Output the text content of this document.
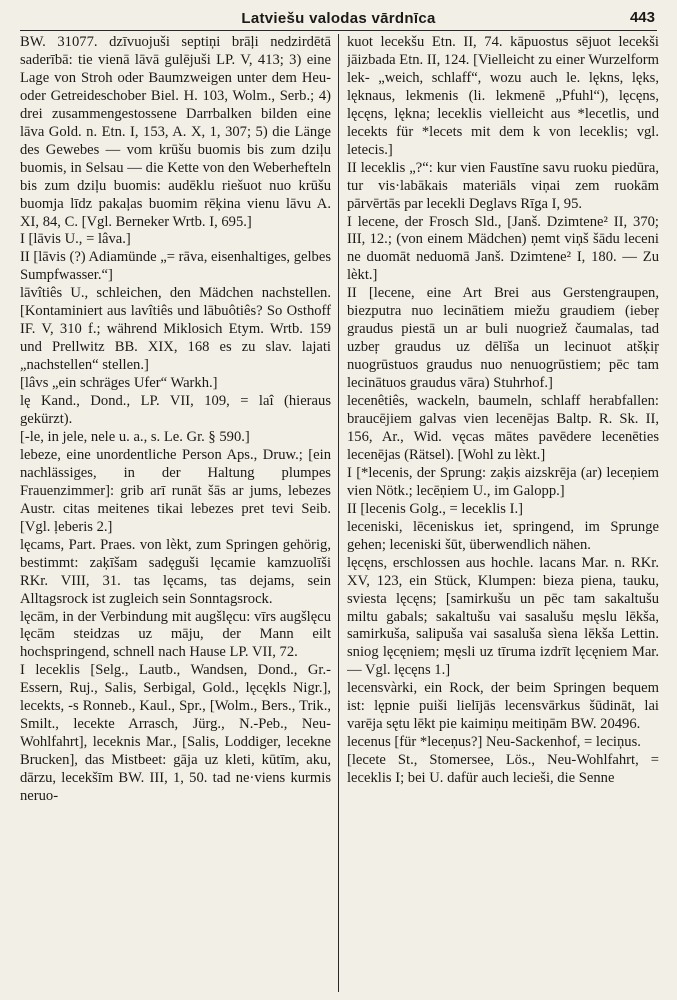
Latviešu valodas vārdnīca	443

BW. 31077. dzīvuojuši septiņi brāļi nedzirdētā saderībā: tie vienā lāvā gulējuši LP. V, 413; 3) eine Lage von Stroh oder Baumzweigen unter dem Heu- oder Getreideschober Biel. H. 103, Wolm., Serb.; 4) drei zusammengestossene Darrbalken bilden eine lāva Gold. n. Etn. I, 153, A. X, 1, 307; 5) die Länge des Gewebes — vom krūšu buomis bis zum dziļu buomis, in Selsau — die Kette von den Weberhefteln bis zum dziļu buomis: audēklu riešuot nuo krūšu buomja līdz pakaļas buomim rēķina vienu lāvu A. XI, 84, C. [Vgl. Berneker Wrtb. I, 695.]

I [lāvis U., = lâva.]

II [lāvis (?) Adiamünde „= rāva, eisenhaltiges, gelbes Sumpfwasser.“]

lāvîtiês U., schleichen, den Mädchen nachstellen. [Kontaminiert aus lavîtiês und lābuôtiês? So Osthoff IF. V, 310 f.; während Miklosich Etym. Wrtb. 159 und Prellwitz BB. XIX, 168 es zu slav. lajati „nachstellen“ stellen.]

[lâvs „ein schräges Ufer“ Warkh.]

lę Kand., Dond., LP. VII, 109, = laî (hierаus gekürzt).

[-le, in jele, nele u. a., s. Le. Gr. § 590.]

lebeze, eine unordentliche Person Aps., Druw.; [ein nachlässiges, in der Haltung plumpes Frauenzimmer]: grib arī runāt šās ar jums, lebezes Austr. citas meitenes tikai lebezes pret tevi Seib. [Vgl. ļeberis 2.]

lęcams, Part. Praes. von lèkt, zum Springen gehörig, bestimmt: zaķīšam sadęguši lęcamie kamzuolīši RKr. VIII, 31. tas lęcams, tas dejams, sein Alltagsrock ist zugleich sein Sonntagsrock.

lęcām, in der Verbindung mit augšlęcu: vīrs augšlęcu lęcām steidzas uz māju, der Mann eilt hochspringend, schnell nach Hause LP. VII, 72.

I leceklis [Selg., Lautb., Wandsen, Dond., Gr.-Essern, Ruj., Salis, Serbigal, Gold., lęcękls Nigr.], lecekts, -s Ronneb., Kaul., Spr., [Wolm., Bers., Trik., Smilt., lecekte Arrasch, Jürg., N.-Peb., Neu-Wohlfahrt], leceknis Mar., [Salis, Loddiger, lecekne Brucken], das Mistbeet: gāja uz kleti, kūtīm, aku, dārzu, lecekšīm BW. III, 1, 50. tad ne·viens kurmis neruo-

kuot lecekšu Etn. II, 74. kāpuostus sējuot lecekši jāizbada Etn. II, 124. [Vielleicht zu einer Wurzelform lek- „weich, schlaff“, wozu auch le. lękns, lęks, lęknaus, lekmenis (li. lekmenē „Pfuhl“), lęcęns, lęcęns, lękna; leceklis vielleicht aus *lecetlis, und lecekts für *lecets mit dem k von leceklis; vgl. letecis.]

II leceklis „?“: kur vien Faustīne savu ruoku piedūra, tur vis·labākais materiāls viņai zem ruokām pārvērtās par lecekli Deglavs Rīga I, 95.

I lecene, der Frosch Sld., [Janš. Dzimtene² II, 370; III, 12.; (von einem Mädchen) ņemt viņš šādu leceni ne duomāt neduomā Janš. Dzimtene² I, 180. — Zu lèkt.]

II [lecene, eine Art Brei aus Gerstengraupen, biezputra nuo lecinātiem miežu graudiem (iebeŗ graudus piestā un ar buli nuogriež čaumalas, tad uzbeŗ graudus uz dēlīša un lecinuot atšķiŗ nuogrūstuos graudus nuo nenuogrūstiem; pēc tam lecinātuos graudus vāra) Stuhrhof.]

lecenêtiês, wackeln, baumeln, schlaff herabfallen: braucējiem galvas vien lecenējas Baltp. R. Sk. II, 156, Ar., Wid. vęcas mātes pavēdere lecenēties lecenējas (Rätsel). [Wohl zu lèkt.]

I [*lecenis, der Sprung: zaķis aizskrēja (ar) leceņiem vien Nötk.; lecēņiem U., im Galopp.]

II [lecenis Golg., = leceklis I.]

leceniski, lēceniskus iet, springend, im Sprunge gehen; leceniski šūt, überwendlich nähen.

lęcęns, erschlossen aus hochle. lacans Mar. n. RKr. XV, 123, ein Stück, Klumpen: bieza piena, tauku, sviesta lęcęns; [samirkušu un pēc tam sakaltušu miltu gabals; sakaltušu vai sasalušu męslu lēkša, samirkuša, salipuša vai sasaluša sìena lēkša Lettin. sniog lęcęniem; męsli uz tīruma izdrīt lęcęniem Mar. — Vgl. lęcęns 1.]

lecensvàrki, ein Rock, der beim Springen bequem ist: lępnie puiši lielījās lecensvārkus šūdināt, lai varēja sętu lēkt pie kaimiņu meitiņām BW. 20496.

lecenus [für *leceņus?] Neu-Sackenhof, = leciņus.

[lecete St., Stomersee, Lös., Neu-Wohlfahrt, = leceklis I; bei U. dafür auch lecieši, die Senne
